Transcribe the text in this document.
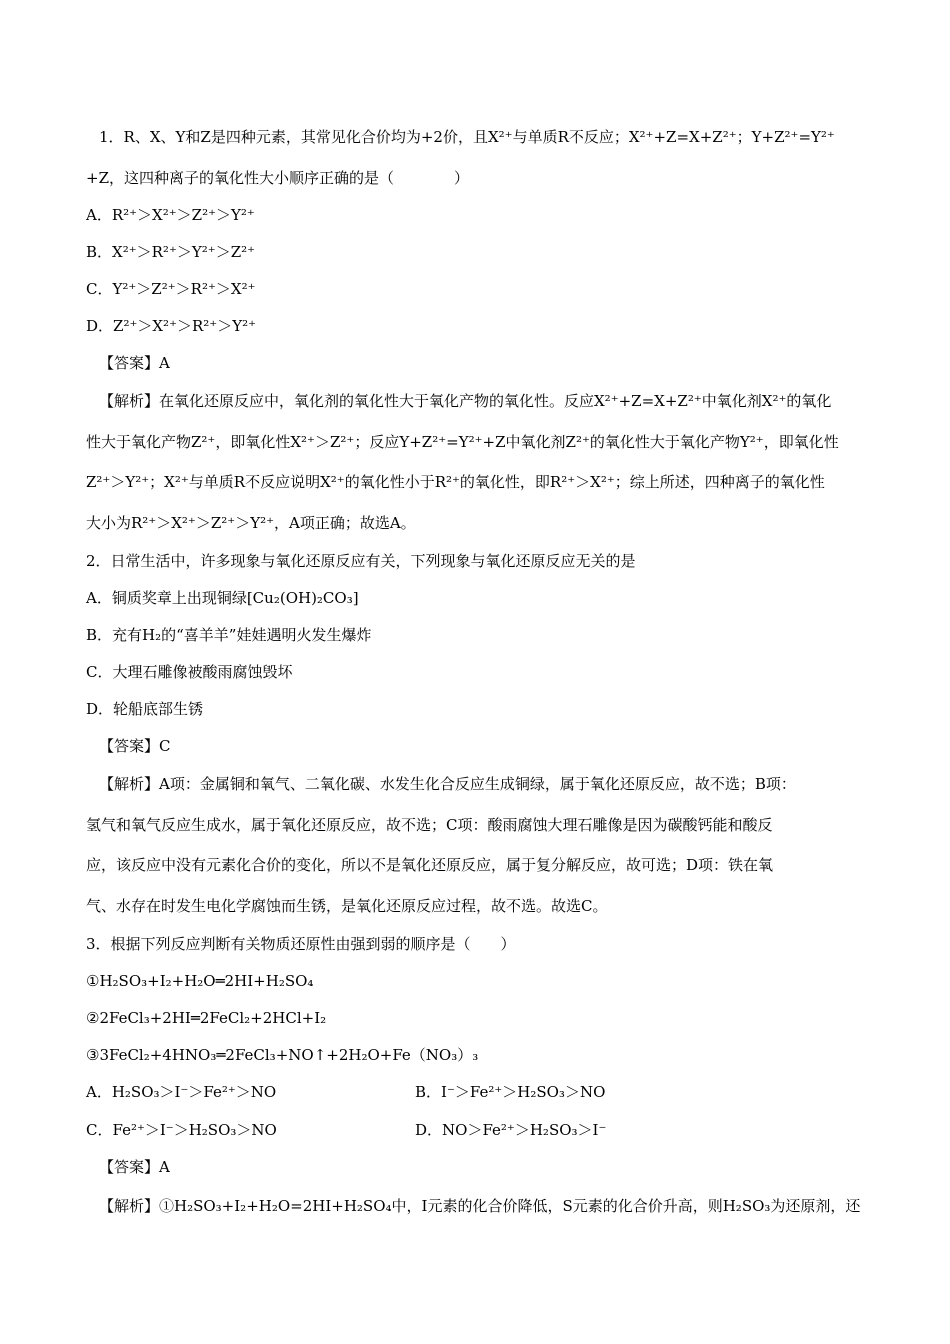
1．R、X、Y和Z是四种元素，其常见化合价均为+2价，且X²⁺与单质R不反应；X²⁺+Z=X+Z²⁺；Y+Z²⁺=Y²⁺
+Z，这四种离子的氧化性大小顺序正确的是（　　　　）
A．R²⁺＞X²⁺＞Z²⁺＞Y²⁺
B．X²⁺＞R²⁺＞Y²⁺＞Z²⁺
C．Y²⁺＞Z²⁺＞R²⁺＞X²⁺
D．Z²⁺＞X²⁺＞R²⁺＞Y²⁺
【答案】A
【解析】在氧化还原反应中，氧化剂的氧化性大于氧化产物的氧化性。反应X²⁺+Z=X+Z²⁺中氧化剂X²⁺的氧化
性大于氧化产物Z²⁺，即氧化性X²⁺＞Z²⁺；反应Y+Z²⁺=Y²⁺+Z中氧化剂Z²⁺的氧化性大于氧化产物Y²⁺，即氧化性
Z²⁺＞Y²⁺；X²⁺与单质R不反应说明X²⁺的氧化性小于R²⁺的氧化性，即R²⁺＞X²⁺；综上所述，四种离子的氧化性
大小为R²⁺＞X²⁺＞Z²⁺＞Y²⁺，A项正确；故选A。
2．日常生活中，许多现象与氧化还原反应有关，下列现象与氧化还原反应无关的是
A．铜质奖章上出现铜绿[Cu₂(OH)₂CO₃]
B．充有H₂的“喜羊羊”娃娃遇明火发生爆炸
C．大理石雕像被酸雨腐蚀毁坏
D．轮船底部生锈
【答案】C
【解析】A项：金属铜和氧气、二氧化碳、水发生化合反应生成铜绿，属于氧化还原反应，故不选；B项：
氢气和氧气反应生成水，属于氧化还原反应，故不选；C项：酸雨腐蚀大理石雕像是因为碳酸钙能和酸反
应，该反应中没有元素化合价的变化，所以不是氧化还原反应，属于复分解反应，故可选；D项：铁在氧
气、水存在时发生电化学腐蚀而生锈，是氧化还原反应过程，故不选。故选C。
3．根据下列反应判断有关物质还原性由强到弱的顺序是（　　）
①H₂SO₃+I₂+H₂O═2HI+H₂SO₄
②2FeCl₃+2HI═2FeCl₂+2HCl+I₂
③3FeCl₂+4HNO₃═2FeCl₃+NO↑+2H₂O+Fe（NO₃）₃
A．H₂SO₃＞I⁻＞Fe²⁺＞NO	B．I⁻＞Fe²⁺＞H₂SO₃＞NO
C．Fe²⁺＞I⁻＞H₂SO₃＞NO	D．NO＞Fe²⁺＞H₂SO₃＞I⁻
【答案】A
【解析】①H₂SO₃+I₂+H₂O=2HI+H₂SO₄中，I元素的化合价降低，S元素的化合价升高，则H₂SO₃为还原剂，还
